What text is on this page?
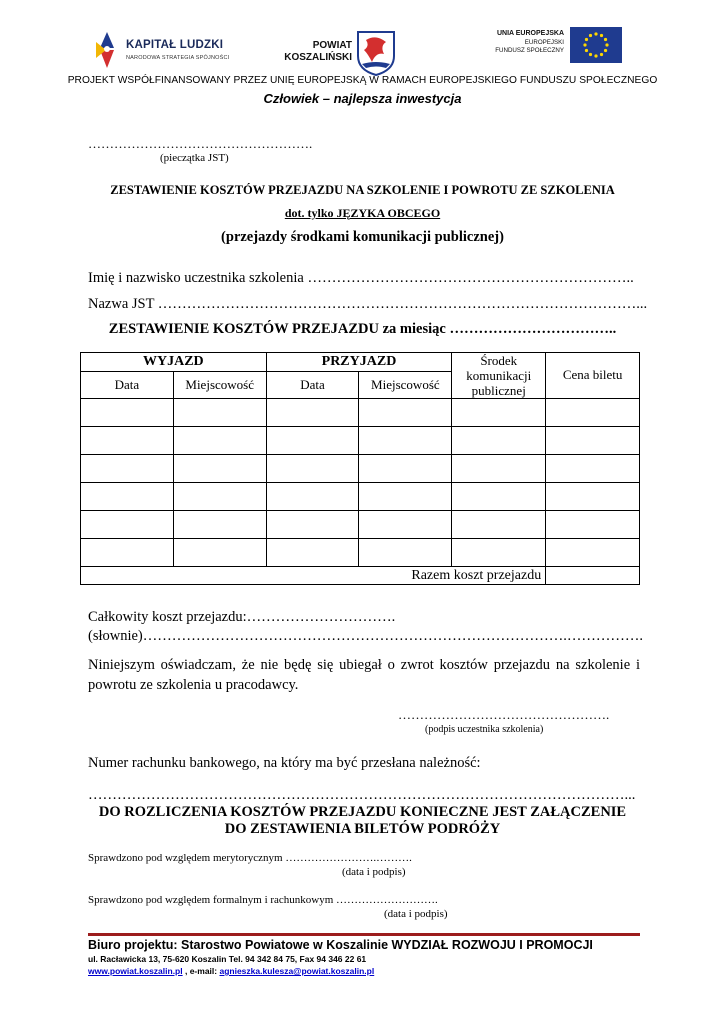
KAPITAŁ LUDZKI
NARODOWA STRATEGIA SPÓJNOŚCI
POWIAT
KOSZALIŃSKI
UNIA EUROPEJSKA
EUROPEJSKI
FUNDUSZ SPOŁECZNY
PROJEKT WSPÓŁFINANSOWANY PRZEZ UNIĘ EUROPEJSKĄ W RAMACH EUROPEJSKIEGO FUNDUSZU SPOŁECZNEGO
Człowiek – najlepsza inwestycja
…………………………………………….
(pieczątka JST)
ZESTAWIENIE KOSZTÓW PRZEJAZDU NA SZKOLENIE I POWROTU ZE SZKOLENIA
dot. tylko JĘZYKA OBCEGO
(przejazdy środkami komunikacji publicznej)
Imię i nazwisko uczestnika szkolenia …………………………………………………………..
Nazwa JST ………………………………………………………………………………………...
ZESTAWIENIE KOSZTÓW PRZEJAZDU za miesiąc ……………………………..
WYJAZD		PRZYJAZD		Środek
komunikacji
publicznej	Cena biletu
Data	Miejscowość	Data	Miejscowość		

Razem koszt przejazdu					
Całkowity koszt przejazdu:………………………….
(słownie)…………………………………………………………………………….…………….
Niniejszym oświadczam, że nie będę się ubiegał o zwrot kosztów przejazdu na szkolenie i powrotu ze szkolenia u pracodawcy.
………………………………………….
(podpis uczestnika szkolenia)
Numer rachunku bankowego, na który ma być przesłana należność:
…………………………………………………………………………………………………...
DO ROZLICZENIA KOSZTÓW PRZEJAZDU KONIECZNE JEST ZAŁĄCZENIE
DO ZESTAWIENIA BILETÓW PODRÓŻY
Sprawdzono pod względem merytorycznym …………………….……….
(data i podpis)
Sprawdzono pod względem formalnym i rachunkowym ……………………….
(data i podpis)
Biuro projektu: Starostwo Powiatowe w Koszalinie WYDZIAŁ ROZWOJU I PROMOCJI
ul. Racławicka 13, 75-620 Koszalin Tel. 94 342 84 75, Fax 94 346 22 61
www.powiat.koszalin.pl , e-mail: agnieszka.kulesza@powiat.koszalin.pl
